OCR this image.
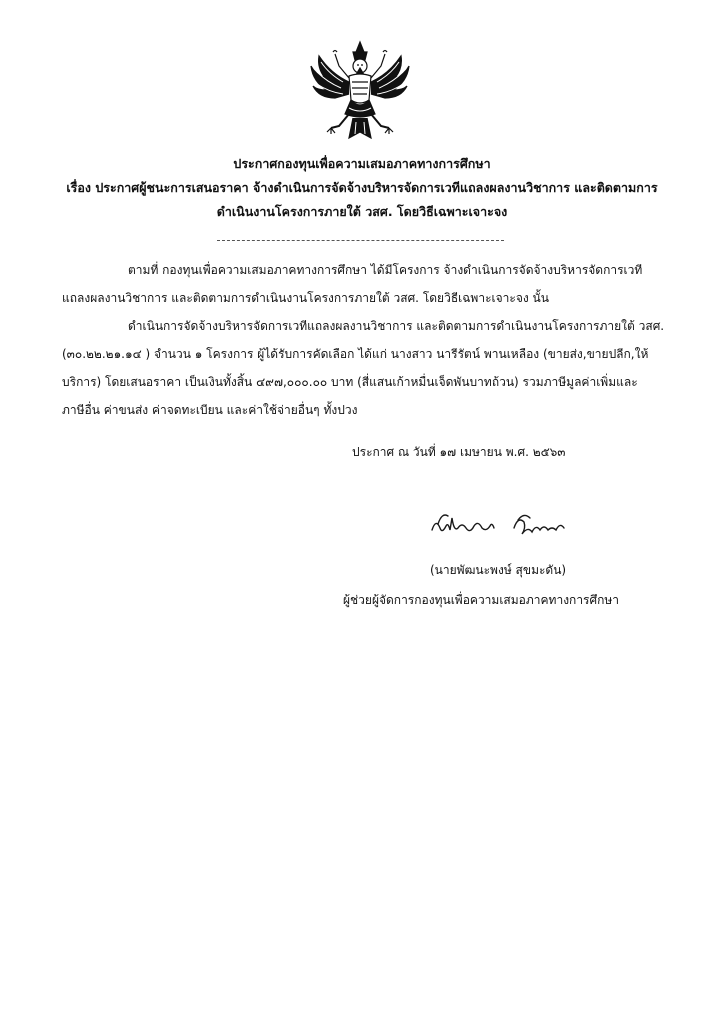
ประกาศกองทุนเพื่อความเสมอภาคทางการศึกษา
เรื่อง ประกาศผู้ชนะการเสนอราคา จ้างดำเนินการจัดจ้างบริหารจัดการเวทีแถลงผลงานวิชาการ และติดตามการ
ดำเนินงานโครงการภายใต้ วสศ. โดยวิธีเฉพาะเจาะจง
ตามที่ กองทุนเพื่อความเสมอภาคทางการศึกษา ได้มีโครงการ จ้างดำเนินการจัดจ้างบริหารจัดการเวที
แถลงผลงานวิชาการ และติดตามการดำเนินงานโครงการภายใต้ วสศ. โดยวิธีเฉพาะเจาะจง นั้น
ดำเนินการจัดจ้างบริหารจัดการเวทีแถลงผลงานวิชาการ และติดตามการดำเนินงานโครงการภายใต้ วสศ.
(๓๐.๒๒.๒๑.๑๔ ) จำนวน ๑ โครงการ ผู้ได้รับการคัดเลือก ได้แก่ นางสาว นารีรัตน์ พานเหลือง (ขายส่ง,ขายปลีก,ให้
บริการ) โดยเสนอราคา เป็นเงินทั้งสิ้น ๔๙๗,๐๐๐.๐๐ บาท (สี่แสนเก้าหมื่นเจ็ดพันบาทถ้วน) รวมภาษีมูลค่าเพิ่มและ
ภาษีอื่น ค่าขนส่ง ค่าจดทะเบียน และค่าใช้จ่ายอื่นๆ ทั้งปวง
ประกาศ ณ วันที่ ๑๗ เมษายน พ.ศ. ๒๕๖๓
(นายพัฒนะพงษ์ สุขมะดัน)
ผู้ช่วยผู้จัดการกองทุนเพื่อความเสมอภาคทางการศึกษา
